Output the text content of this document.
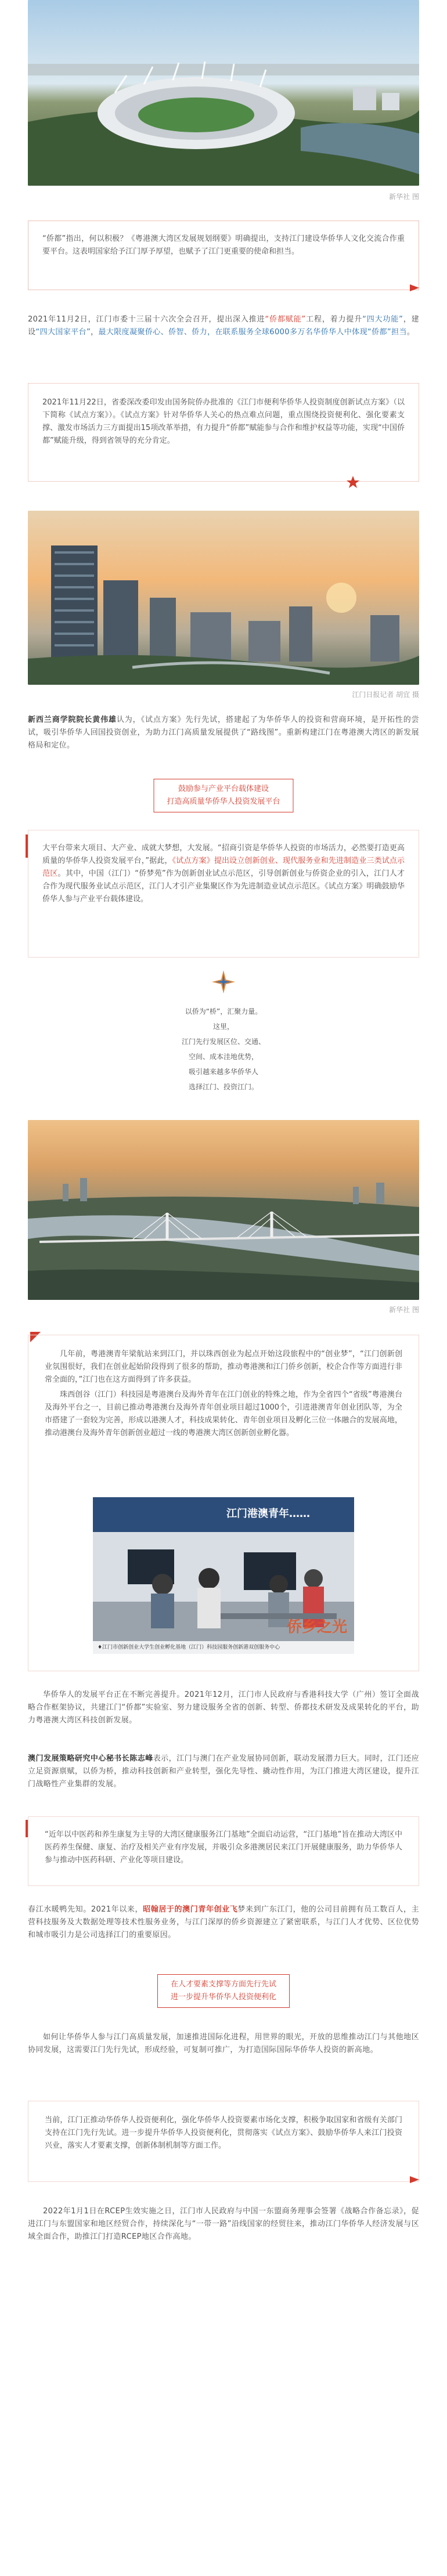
新华社 图
“侨都”指出，何以积极？《粤港澳大湾区发展规划纲要》明确提出，支持江门建设华侨华人文化交流合作重要平台。这表明国家给予江门厚予厚望，也赋予了江门更重要的使命和担当。
2021年11月2日，江门市委十三届十六次全会召开，提出深入推进“侨都赋能”工程，着力提升“四大功能”，建设“四大国家平台”，最大限度凝聚侨心、侨智、侨力，在联系服务全球6000多万名华侨华人中体现“侨都”担当。
2021年11月22日，省委深改委印发由国务院侨办批准的《江门市便利华侨华人投资制度创新试点方案》（以下简称《试点方案》）。《试点方案》针对华侨华人关心的热点难点问题，重点围绕投资便利化、强化要素支撑、激发市场活力三方面提出15项改革举措，有力提升“侨都”赋能参与合作和维护权益等功能，实现“中国侨都”赋能升级，得到省领导的充分肯定。
江门日报记者 胡宜 摄
新西兰商学院院长黄伟雄认为，《试点方案》先行先试，搭建起了为华侨华人的投资和营商环境，是开拓性的尝试，吸引华侨华人回国投资创业，为助力江门高质量发展提供了“路线图”。重新构建江门在粤港澳大湾区的新发展格局和定位。
鼓励参与产业平台载体建设
打造高质量华侨华人投资发展平台
大平台带来大项目、大产业、成就大梦想，大发展。“招商引资是华侨华人投资的市场活力，必然要打造更高质量的华侨华人投资发展平台，”据此，《试点方案》提出设立创新创业、现代服务业和先进制造业三类试点示范区。其中，中国（江门）“侨梦苑”作为创新创业试点示范区，引导创新创业与侨资企业的引入，江门人才合作为现代服务业试点示范区，江门人才引产业集聚区作为先进制造业试点示范区。《试点方案》明确鼓励华侨华人参与产业平台载体建设。
以侨为“桥”，汇聚力量。
这里，
江门先行发展区位、交通、
空间、成本洼地优势，
吸引越来越多华侨华人
选择江门、投资江门。
新华社 图
几年前，粤港澳青年梁航站来到江门，并以珠西创业为起点开始这段旅程中的“创业梦”，“江门创新创业氛围很好，我们在创业起始阶段得到了很多的帮助，推动粤港澳和江门侨乡创新，校企合作等方面进行非常全面的，”江门也在这方面得到了许多获益。
珠西创谷（江门）科技园是粤港澳台及海外青年在江门创业的特殊之地，作为全省四个“省级”粤港澳台及海外平台之一，目前已推动粤港澳台及海外青年创业项目超过1000个，引进港澳青年创业团队等，为全市搭建了一套较为完善，形成以港澳人才，科技成果转化、青年创业项目及孵化三位一体融合的发展高地，推动港澳台及海外青年创新创业超过一线的粤港澳大湾区创新创业孵化器。
江门港澳青年……
侨乡之光
♦江门市创新创业大学生创业孵化基地（江门）科技园服务创新港双创服务中心
华侨华人的发展平台正在不断完善提升。2021年12月，江门市人民政府与香港科技大学（广州）签订全面战略合作框架协议，共建江门“侨都”实验室、努力建设服务全省的创新、转型、侨都技术研发及成果转化的平台，助力粤港澳大湾区科技创新发展。
澳门发展策略研究中心秘书长陈志峰表示，江门与澳门在产业发展协同创新，联动发展潜力巨大。同时，江门还应立足资源禀赋，以侨为桥，推动科技创新和产业转型，强化先导性、撬动性作用，为江门推进大湾区建设，提升江门战略性产业集群的发展。
“近年以中医药和养生康复为主导的大湾区健康服务江门基地”全面启动运营，“江门基地”旨在推动大湾区中医药养生保健、康复、治疗及相关产业有序发展，并吸引众多港澳居民来江门开展健康服务，助力华侨华人参与推动中医药科研、产业化等项目建设。
春江水暖鸭先知。2021年以来，昭翰居于的澳门青年创业飞梦来到广东江门，他的公司目前拥有员工数百人，主营科技服务及大数据处理等技术性服务业务，与江门深厚的侨乡资源建立了紧密联系，与江门人才优势、区位优势和城市吸引力是公司选择江门的重要原因。
在人才要素支撑等方面先行先试
进一步提升华侨华人投资便利化
如何让华侨华人参与江门高质量发展，加速推进国际化进程，用世界的眼光，开放的思维推动江门与其他地区协同发展，这需要江门先行先试，形成经验，可复制可推广，为打造国际国际华侨华人投资的新高地。
当前，江门正推动华侨华人投资便利化，强化华侨华人投资要素市场化支撑，积极争取国家和省级有关部门支持在江门先行先试。进一步提升华侨华人投资便利化，贯彻落实《试点方案》、鼓励华侨华人来江门投资兴业，落实人才要素支撑，创新体制机制等方面工作。
2022年1月1日在RCEP生效实施之日，江门市人民政府与中国一东盟商务理事会签署《战略合作备忘录》，促进江门与东盟国家和地区经贸合作，持续深化与“一带一路”沿线国家的经贸往来，推动江门华侨华人经济发展与区域全面合作，助推江门打造RCEP地区合作高地。
